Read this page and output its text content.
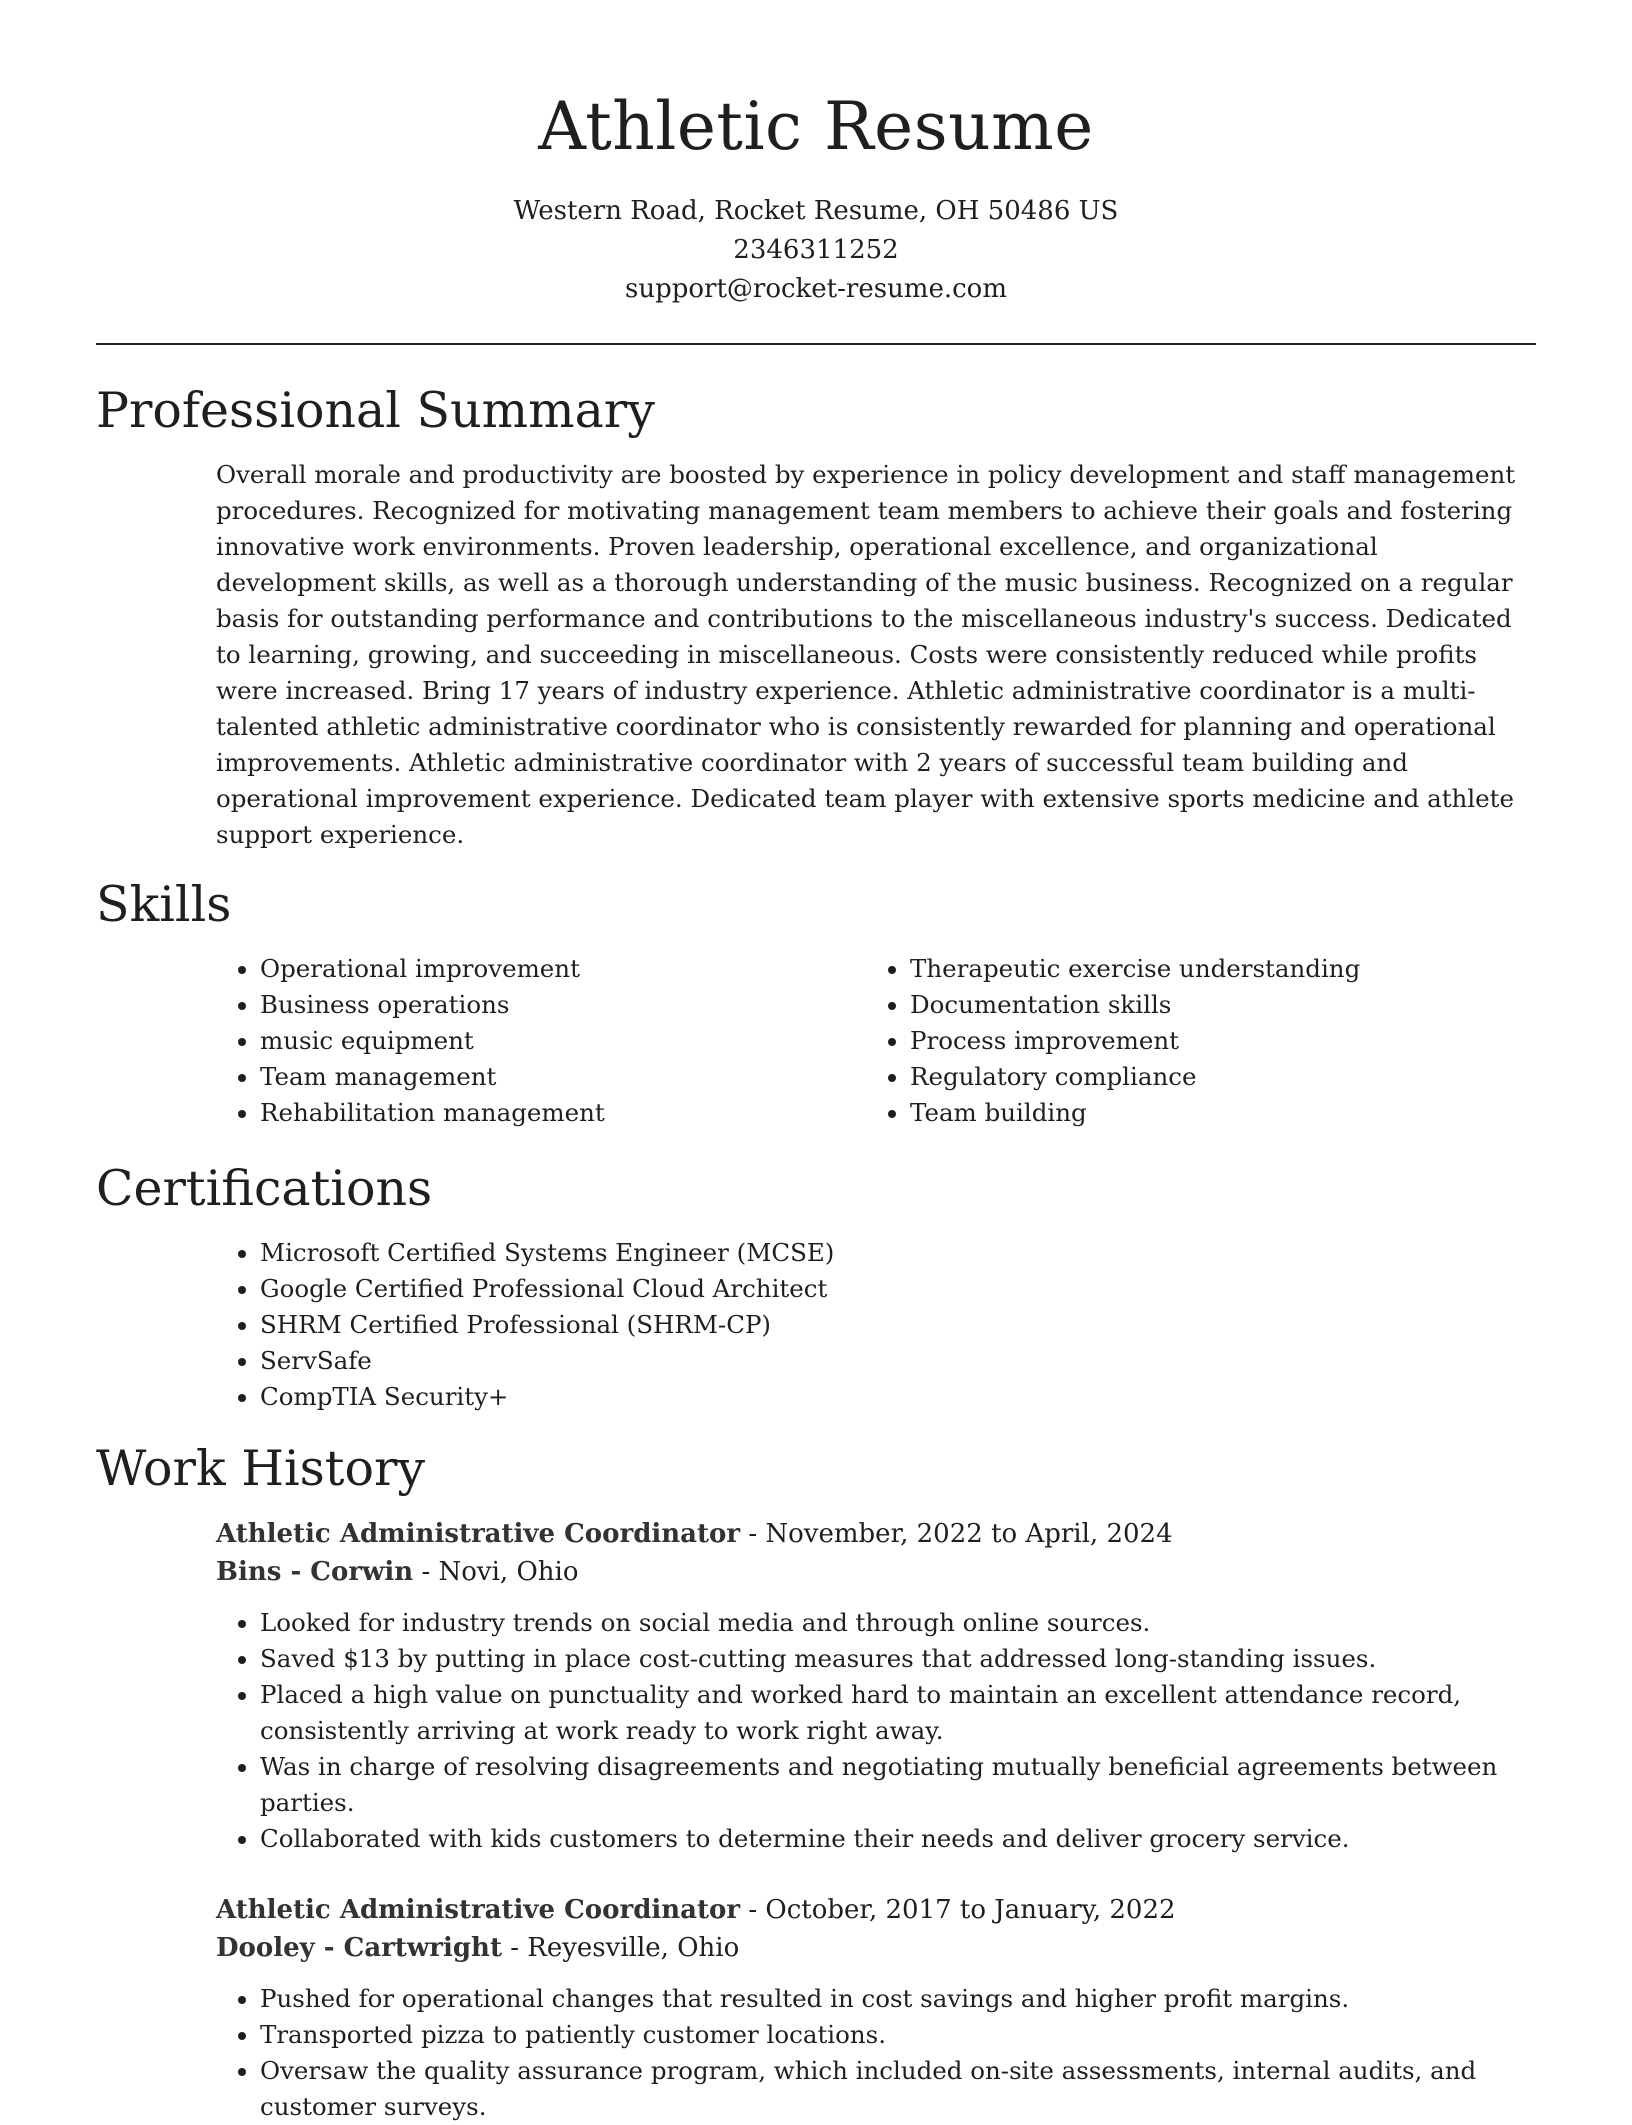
Athletic Resume
Western Road, Rocket Resume, OH 50486 US
2346311252
support@rocket-resume.com
Professional Summary

Overall morale and productivity are boosted by experience in policy development and staff management procedures. Recognized for motivating management team members to achieve their goals and fostering innovative work environments. Proven leadership, operational excellence, and organizational development skills, as well as a thorough understanding of the music business. Recognized on a regular basis for outstanding performance and contributions to the miscellaneous industry's success. Dedicated to learning, growing, and succeeding in miscellaneous. Costs were consistently reduced while profits were increased. Bring 17 years of industry experience. Athletic administrative coordinator is a multi-talented athletic administrative coordinator who is consistently rewarded for planning and operational improvements. Athletic administrative coordinator with 2 years of successful team building and operational improvement experience. Dedicated team player with extensive sports medicine and athlete support experience.

Skills
• Operational improvement
• Business operations
• music equipment
• Team management
• Rehabilitation management
• Therapeutic exercise understanding
• Documentation skills
• Process improvement
• Regulatory compliance
• Team building
Certifications
• Microsoft Certified Systems Engineer (MCSE)
• Google Certified Professional Cloud Architect
• SHRM Certified Professional (SHRM-CP)
• ServSafe
• CompTIA Security+
Work History
Athletic Administrative Coordinator - November, 2022 to April, 2024
Bins - Corwin - Novi, Ohio
• Looked for industry trends on social media and through online sources.
• Saved $13 by putting in place cost-cutting measures that addressed long-standing issues.
• Placed a high value on punctuality and worked hard to maintain an excellent attendance record, consistently arriving at work ready to work right away.
• Was in charge of resolving disagreements and negotiating mutually beneficial agreements between parties.
• Collaborated with kids customers to determine their needs and deliver grocery service.
Athletic Administrative Coordinator - October, 2017 to January, 2022
Dooley - Cartwright - Reyesville, Ohio
• Pushed for operational changes that resulted in cost savings and higher profit margins.
• Transported pizza to patiently customer locations.
• Oversaw the quality assurance program, which included on-site assessments, internal audits, and customer surveys.
